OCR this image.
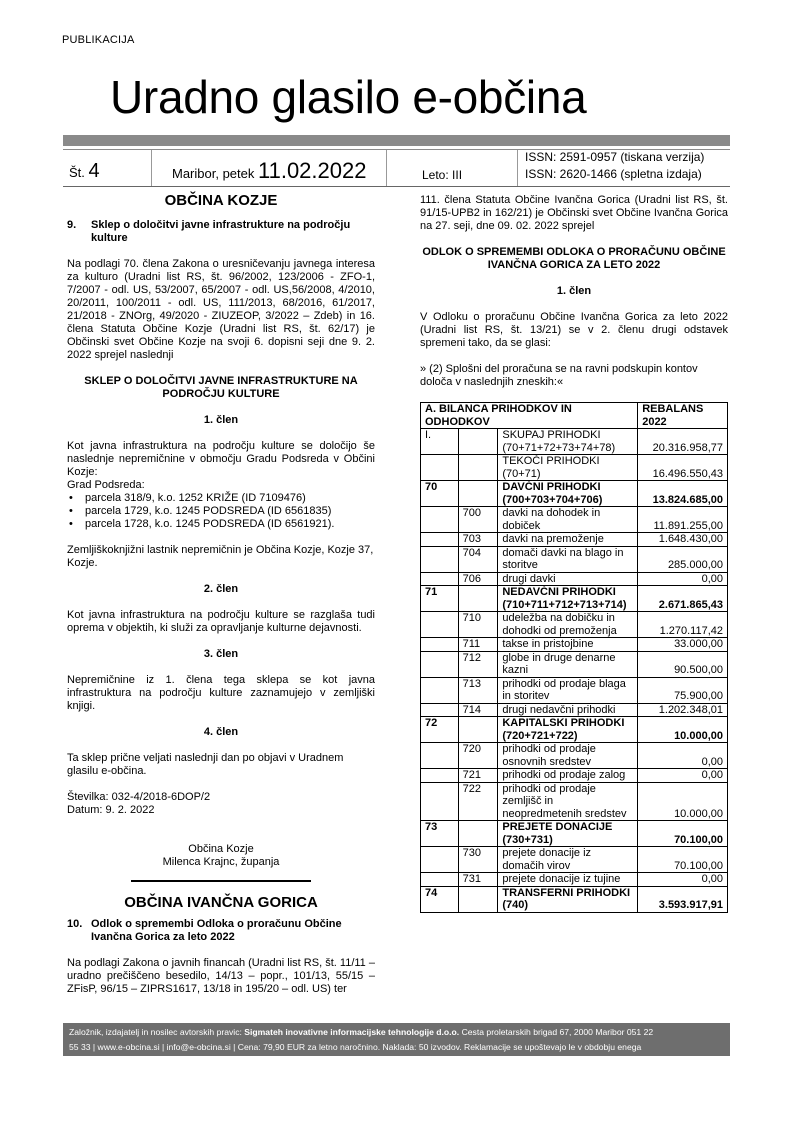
PUBLIKACIJA
Uradno glasilo e-občina
Št. 4	Maribor, petek 11.02.2022	Leto: III
ISSN: 2591-0957 (tiskana verzija)
ISSN: 2620-1466 (spletna izdaja)
OBČINA KOZJE
9.	Sklep o določitvi javne infrastrukture na področju kulture

Na podlagi 70. člena Zakona o uresničevanju javnega interesa za kulturo (Uradni list RS, št. 96/2002, 123/2006 - ZFO-1, 7/2007 - odl. US, 53/2007, 65/2007 - odl. US,56/2008, 4/2010, 20/2011, 100/2011 - odl. US, 111/2013, 68/2016, 61/2017, 21/2018 - ZNOrg, 49/2020 - ZIUZEOP, 3/2022 – Zdeb) in 16. člena Statuta Občine Kozje (Uradni list RS, št. 62/17) je Občinski svet Občine Kozje na svoji 6. dopisni seji dne 9. 2. 2022 sprejel naslednji

SKLEP O DOLOČITVI JAVNE INFRASTRUKTURE NA PODROČJU KULTURE

1. člen

Kot javna infrastruktura na področju kulture se določijo še naslednje nepremičnine v območju Gradu Podsreda v Občini Kozje:

Grad Podsreda:

• parcela 318/9, k.o. 1252 KRIŽE (ID 7109476)
• parcela 1729, k.o. 1245 PODSREDA (ID 6561835)
• parcela 1728, k.o. 1245 PODSREDA (ID 6561921).

Zemljiškoknjižni lastnik nepremičnin je Občina Kozje, Kozje 37, Kozje.

2. člen

Kot javna infrastruktura na področju kulture se razglaša tudi oprema v objektih, ki služi za opravljanje kulturne dejavnosti.

3. člen

Nepremičnine iz 1. člena tega sklepa se kot javna infrastruktura na področju kulture zaznamujejo v zemljiški knjigi.

4. člen

Ta sklep prične veljati naslednji dan po objavi v Uradnem glasilu e-občina.

Številka: 032-4/2018-6DOP/2

Datum: 9. 2. 2022

Občina Kozje

Milenca Krajnc, županja

OBČINA IVANČNA GORICA
10. Odlok o spremembi Odloka o proračunu Občine Ivančna Gorica za leto 2022

Na podlagi Zakona o javnih financah (Uradni list RS, št. 11/11 – uradno prečiščeno besedilo, 14/13 – popr., 101/13, 55/15 – ZFisP, 96/15 – ZIPRS1617, 13/18 in 195/20 – odl. US) ter

111. člena Statuta Občine Ivančna Gorica (Uradni list RS, št. 91/15-UPB2 in 162/21) je Občinski svet Občine Ivančna Gorica na 27. seji, dne 09. 02. 2022 sprejel

ODLOK O SPREMEMBI ODLOKA O PRORAČUNU OBČINE IVANČNA GORICA ZA LETO 2022

1. člen

V Odloku o proračunu Občine Ivančna Gorica za leto 2022 (Uradni list RS, št. 13/21) se v 2. členu drugi odstavek spremeni tako, da se glasi:

» (2) Splošni del proračuna se na ravni podskupin kontov določa v naslednjih zneskih:«

A. BILANCA PRIHODKOV IN ODHODKOV			REBALANS 2022
I.		SKUPAJ PRIHODKI (70+71+72+73+74+78)	20.316.958,77
		TEKOČI PRIHODKI (70+71)	16.496.550,43
70		DAVČNI PRIHODKI (700+703+704+706)	13.824.685,00
	700	davki na dohodek in dobiček	11.891.255,00
	703	davki na premoženje	1.648.430,00
	704	domači davki na blago in storitve	285.000,00
	706	drugi davki	0,00
71		NEDAVČNI PRIHODKI (710+711+712+713+714)	2.671.865,43
	710	udeležba na dobičku in dohodki od premoženja	1.270.117,42
	711	takse in pristojbine	33.000,00
	712	globe in druge denarne kazni	90.500,00
	713	prihodki od prodaje blaga in storitev	75.900,00
	714	drugi nedavčni prihodki	1.202.348,01
72		KAPITALSKI PRIHODKI (720+721+722)	10.000,00
	720	prihodki od prodaje osnovnih sredstev	0,00
	721	prihodki od prodaje zalog	0,00
	722	prihodki od prodaje zemljišč in neopredmetenih sredstev	10.000,00
73		PREJETE DONACIJE (730+731)	70.100,00
	730	prejete donacije iz domačih virov	70.100,00
	731	prejete donacije iz tujine	0,00
74		TRANSFERNI PRIHODKI (740)	3.593.917,91
Založnik, izdajatelj in nosilec avtorskih pravic: Sigmateh inovativne informacijske tehnologije d.o.o. Cesta proletarskih brigad 67, 2000 Maribor 051 22
55 33 | www.e-obcina.si | info@e-obcina.si | Cena: 79,90 EUR za letno naročnino. Naklada: 50 izvodov. Reklamacije se upoštevajo le v obdobju enega
